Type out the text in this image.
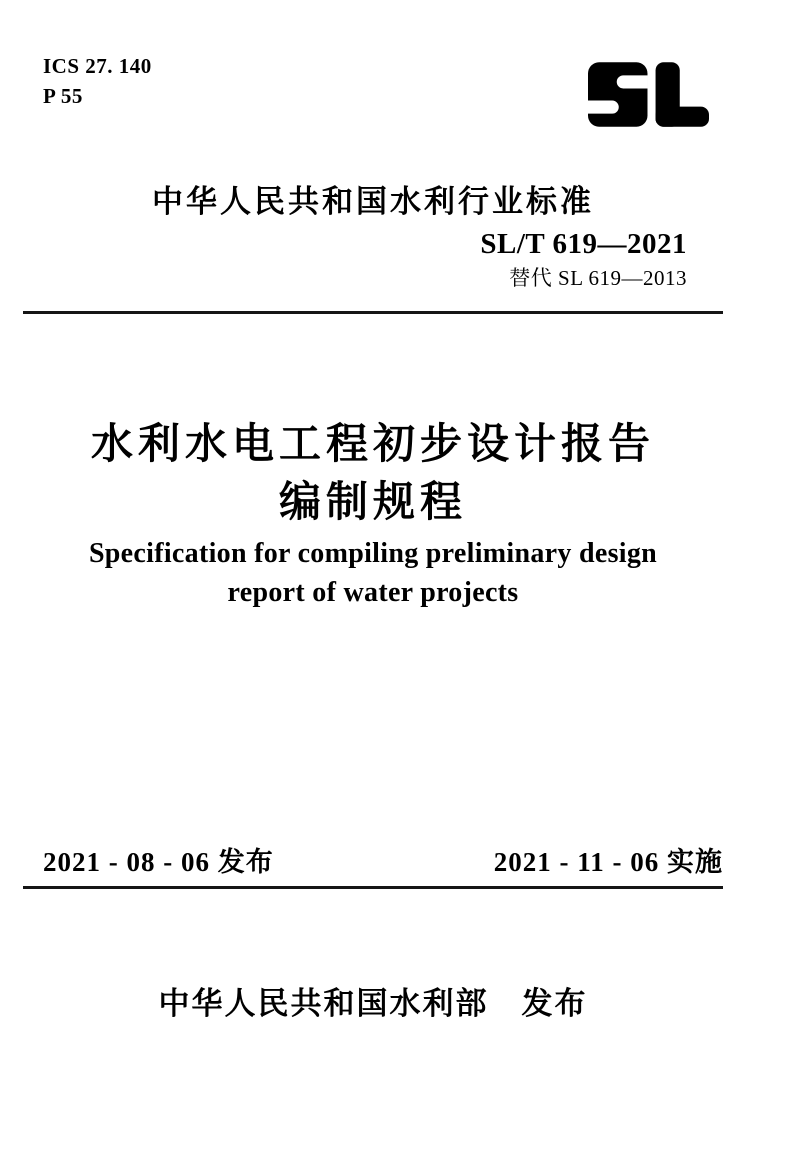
ICS 27. 140
P 55
中华人民共和国水利行业标准
SL/T 619—2021
替代 SL 619—2013
水利水电工程初步设计报告
编制规程
Specification for compiling preliminary design
report of water projects
2021 - 08 - 06 发布	2021 - 11 - 06 实施
中华人民共和国水利部　发布
